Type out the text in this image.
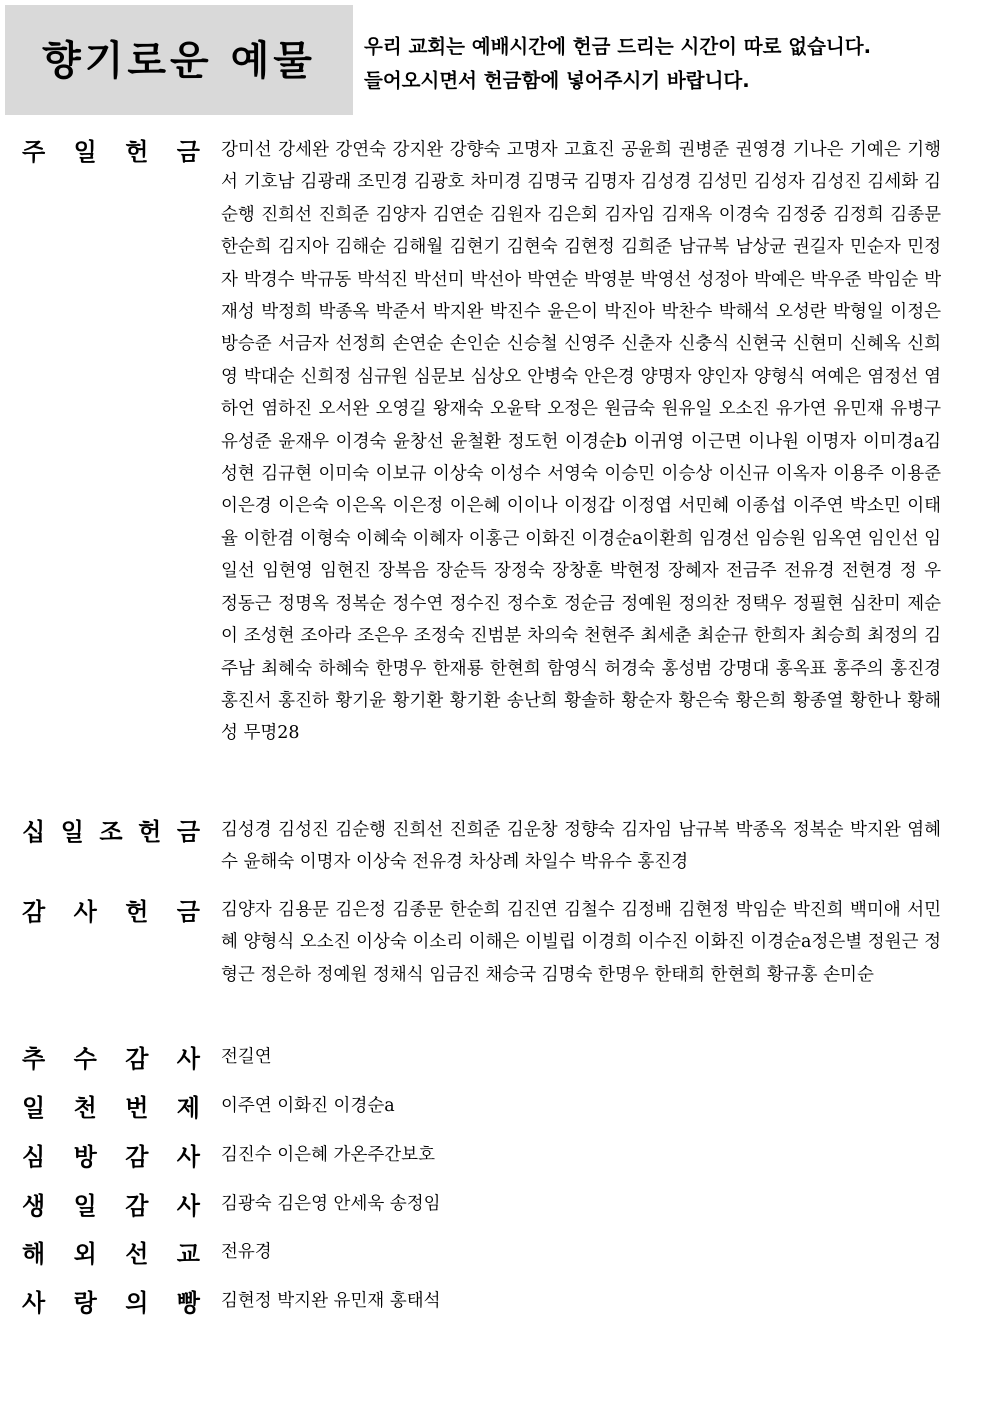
향기로운 예물	우리 교회는 예배시간에 헌금 드리는 시간이 따로 없습니다.
들어오시면서 헌금함에 넣어주시기 바랍니다.
주 일 헌 금 강미선 강세완 강연숙 강지완 강향숙 고명자 고효진 공윤희 권병준 권영경 기나은 기예은 기행서 기호남 김광래 조민경 김광호 차미경 김명국 김명자 김성경 김성민 김성자 김성진 김세화 김순행 진희선 진희준 김양자 김연순 김원자 김은회 김자임 김재옥 이경숙 김정중 김정희 김종문 한순희 김지아 김해순 김해월 김현기 김현숙 김현정 김희준 남규복 남상균 권길자 민순자 민정자 박경수 박규동 박석진 박선미 박선아 박연순 박영분 박영선 성정아 박예은 박우준 박임순 박재성 박정희 박종옥 박준서 박지완 박진수 윤은이 박진아 박찬수 박해석 오성란 박형일 이정은 방승준 서금자 선정희 손연순 손인순 신승철 신영주 신춘자 신충식 신현국 신현미 신혜옥 신희영 박대순 신희정 심규원 심문보 심상오 안병숙 안은경 양명자 양인자 양형식 여예은 염정선 염하언 염하진 오서완 오영길 왕재숙 오윤탁 오정은 원금숙 원유일 오소진 유가연 유민재 유병구 유성준 윤재우 이경숙 윤창선 윤철환 정도헌 이경순b 이귀영 이근면 이나원 이명자 이미경a김성현 김규현 이미숙 이보규 이상숙 이성수 서영숙 이승민 이승상 이신규 이옥자 이용주 이용준 이은경 이은숙 이은옥 이은정 이은혜 이이나 이정갑 이정엽 서민혜 이종섭 이주연 박소민 이태율 이한겸 이형숙 이혜숙 이혜자 이홍근 이화진 이경순a이환희 임경선 임승원 임옥연 임인선 임일선 임현영 임현진 장복음 장순득 장정숙 장창훈 박현정 장혜자 전금주 전유경 전현경 정 우 정동근 정명옥 정복순 정수연 정수진 정수호 정순금 정예원 정의찬 정택우 정필현 심찬미 제순이 조성현 조아라 조은우 조정숙 진범분 차의숙 천현주 최세춘 최순규 한희자 최승희 최정의 김주남 최혜숙 하혜숙 한명우 한재룡 한현희 함영식 허경숙 홍성범 강명대 홍옥표 홍주의 홍진경 홍진서 홍진하 황기윤 황기환 황기환 송난희 황솔하 황순자 황은숙 황은희 황종열 황한나 황해성 무명28
십 일 조 헌 금 김성경 김성진 김순행 진희선 진희준 김운창 정향숙 김자임 남규복 박종옥 정복순 박지완 염혜수 윤해숙 이명자 이상숙 전유경 차상례 차일수 박유수 홍진경
감 사 헌 금 김양자 김용문 김은정 김종문 한순희 김진연 김철수 김정배 김현정 박임순 박진희 백미애 서민혜 양형식 오소진 이상숙 이소리 이해은 이빌립 이경희 이수진 이화진 이경순a정은별 정원근 정형근 정은하 정예원 정채식 임금진 채승국 김명숙 한명우 한태희 한현희 황규홍 손미순
추 수 감 사 전길연
일 천 번 제 이주연 이화진 이경순a
심 방 감 사 김진수 이은혜 가온주간보호
생 일 감 사 김광숙 김은영 안세욱 송정임
해 외 선 교 전유경
사 랑 의 빵 김현정 박지완 유민재 홍태석
